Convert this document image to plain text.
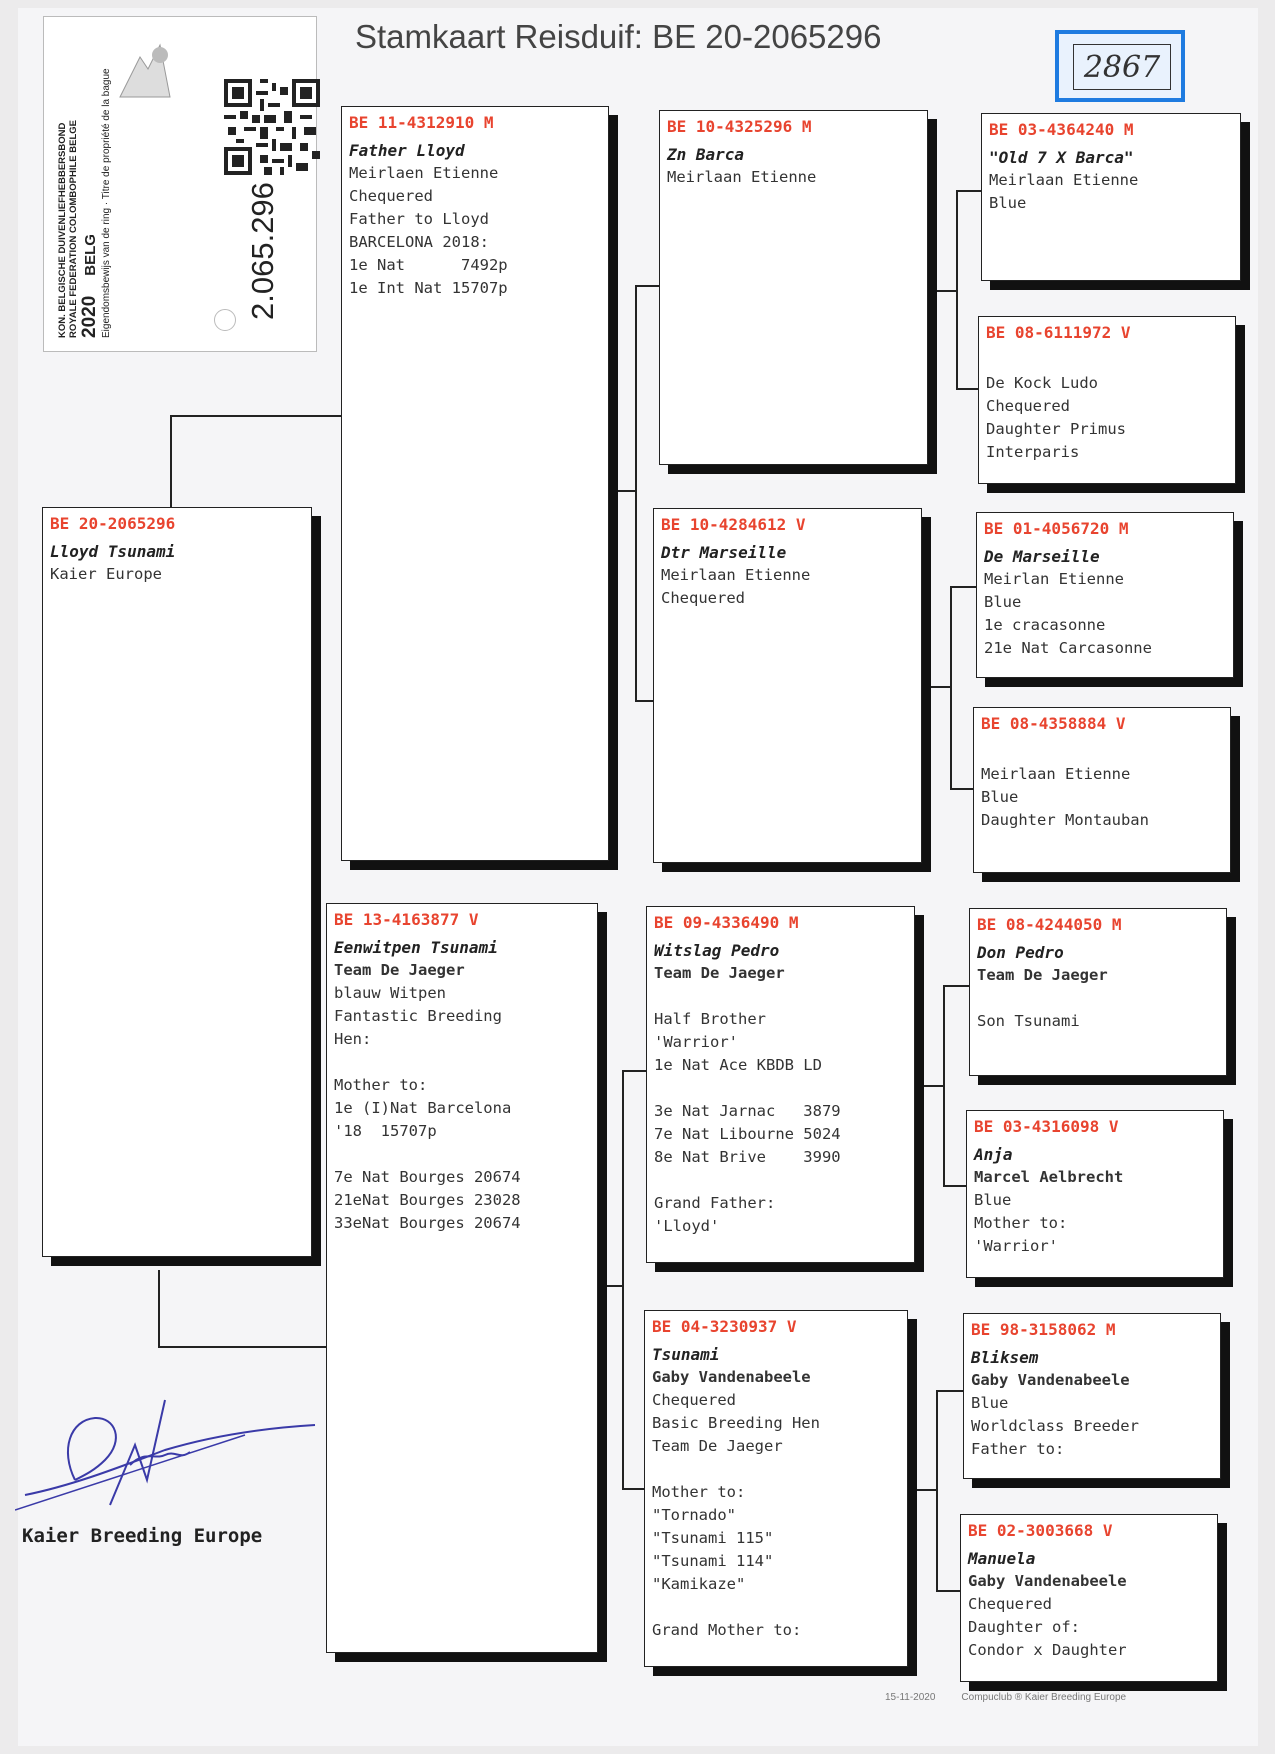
KON. BELGISCHE DUIVENLIEFHEBBERSBOND ROYALE FEDERATION COLOMBOPHILE BELGE 2020BELG Eigendomsbewijs van de ring · Titre de propriété de la bague	2.065.296
Stamkaart Reisduif: BE 20-2065296
2867
BE 20-2065296
Lloyd Tsunami
Kaier Europe
BE 11-4312910 M
Father Lloyd
Meirlaen Etienne
Chequered
Father to Lloyd
BARCELONA 2018:
1e Nat      7492p
1e Int Nat 15707p
BE 13-4163877 V
Eenwitpen Tsunami
Team De Jaeger
blauw Witpen
Fantastic Breeding
Hen:
Mother to:
1e (I)Nat Barcelona
'18  15707p
7e Nat Bourges 20674
21eNat Bourges 23028
33eNat Bourges 20674
BE 10-4325296 M
Zn Barca
Meirlaan Etienne
BE 10-4284612 V
Dtr Marseille
Meirlaan Etienne
Chequered
BE 09-4336490 M
Witslag Pedro
Team De Jaeger
Half Brother
'Warrior'
1e Nat Ace KBDB LD
3e Nat Jarnac   3879
7e Nat Libourne 5024
8e Nat Brive    3990
Grand Father:
'Lloyd'
BE 04-3230937 V
Tsunami
Gaby Vandenabeele
Chequered
Basic Breeding Hen
Team De Jaeger
Mother to:
"Tornado"
"Tsunami 115"
"Tsunami 114"
"Kamikaze"
Grand Mother to:
BE 03-4364240 M
"Old 7 X Barca"
Meirlaan Etienne
Blue
BE 08-6111972 V
De Kock Ludo
Chequered
Daughter Primus
Interparis
BE 01-4056720 M
De Marseille
Meirlan Etienne
Blue
1e cracasonne
21e Nat Carcasonne
BE 08-4358884 V
Meirlaan Etienne
Blue
Daughter Montauban
BE 08-4244050 M
Don Pedro
Team De Jaeger
Son Tsunami
BE 03-4316098 V
Anja
Marcel Aelbrecht
Blue
Mother to:
'Warrior'
BE 98-3158062 M
Bliksem
Gaby Vandenabeele
Blue
Worldclass Breeder
Father to:
BE 02-3003668 V
Manuela
Gaby Vandenabeele
Chequered
Daughter of:
Condor x Daughter
Kaier Breeding Europe
15-11-2020	Compuclub ® Kaier Breeding Europe
